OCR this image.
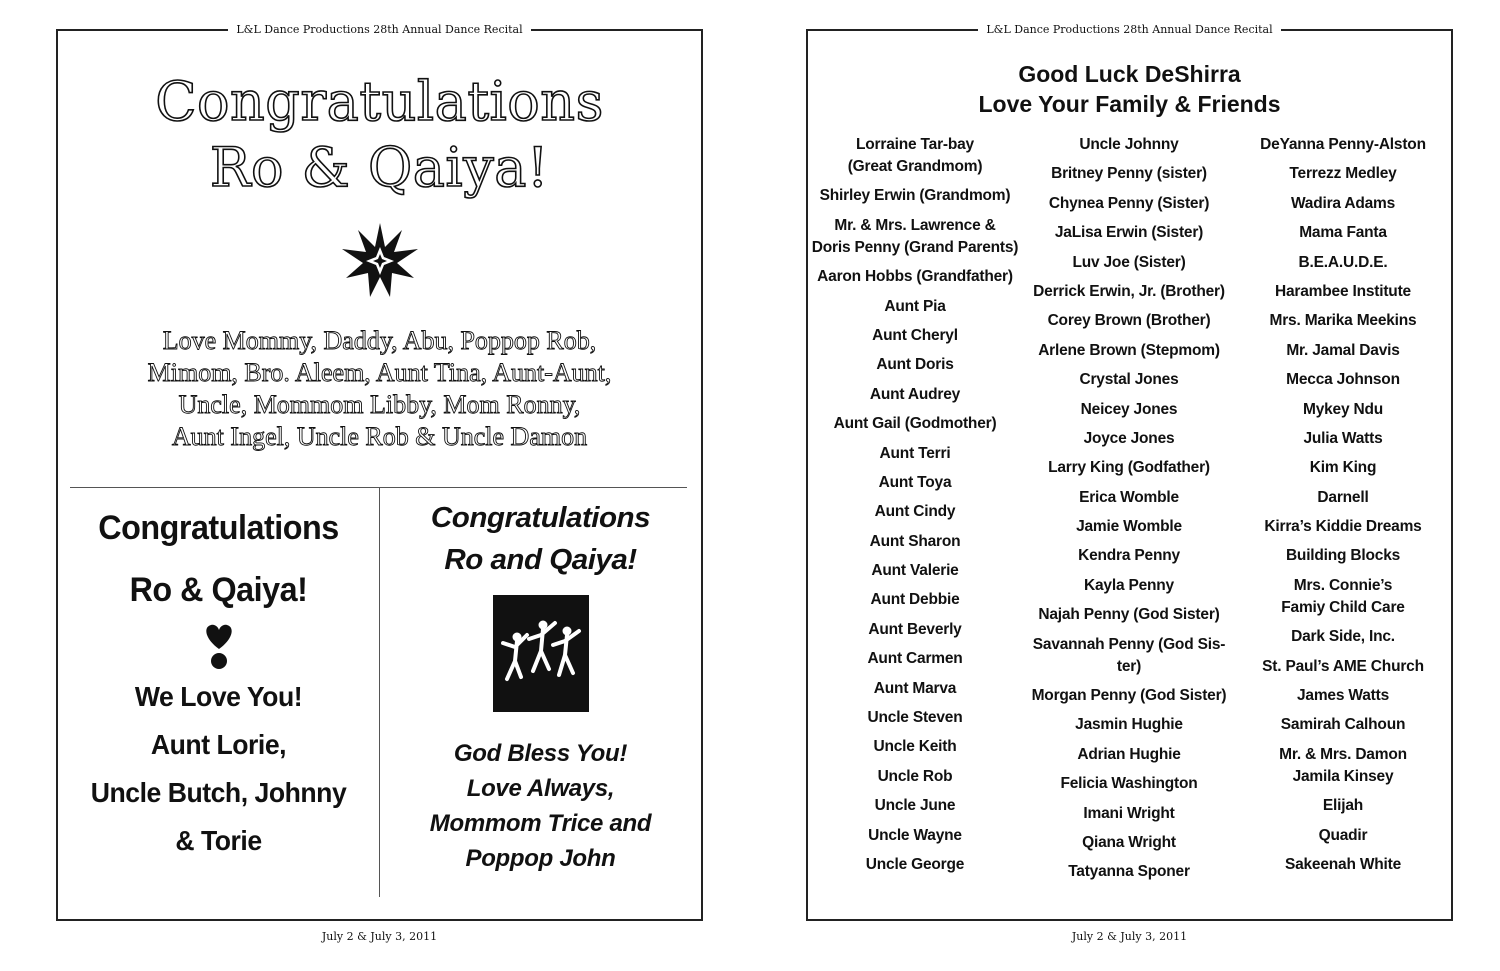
L&L Dance Productions 28th Annual Dance Recital
Congratulations
Ro & Qaiya!
Love Mommy, Daddy, Abu, Poppop Rob,
Mimom, Bro. Aleem, Aunt Tina, Aunt-Aunt,
Uncle, Mommom Libby, Mom Ronny,
Aunt Ingel, Uncle Rob & Uncle Damon
Congratulations
Ro & Qaiya!
We Love You!
Aunt Lorie,
Uncle Butch, Johnny
& Torie
Congratulations
Ro and Qaiya!
God Bless You!
Love Always,
Mommom Trice and
Poppop John
July 2 & July 3, 2011
L&L Dance Productions 28th Annual Dance Recital
Good Luck DeShirra
Love Your Family & Friends
Lorraine Tar-bay
(Great Grandmom)
Shirley Erwin (Grandmom)
Mr. & Mrs. Lawrence &
Doris Penny (Grand Parents)
Aaron Hobbs (Grandfather)
Aunt Pia
Aunt Cheryl
Aunt Doris
Aunt Audrey
Aunt Gail (Godmother)
Aunt Terri
Aunt Toya
Aunt Cindy
Aunt Sharon
Aunt Valerie
Aunt Debbie
Aunt Beverly
Aunt Carmen
Aunt Marva
Uncle Steven
Uncle Keith
Uncle Rob
Uncle June
Uncle Wayne
Uncle George
Uncle Johnny
Britney Penny (sister)
Chynea Penny (Sister)
JaLisa Erwin (Sister)
Luv Joe (Sister)
Derrick Erwin, Jr. (Brother)
Corey Brown (Brother)
Arlene Brown (Stepmom)
Crystal Jones
Neicey Jones
Joyce Jones
Larry King (Godfather)
Erica Womble
Jamie Womble
Kendra Penny
Kayla Penny
Najah Penny (God Sister)
Savannah Penny (God Sis-
ter)
Morgan Penny (God Sister)
Jasmin Hughie
Adrian Hughie
Felicia Washington
Imani Wright
Qiana Wright
Tatyanna Sponer
DeYanna Penny-Alston
Terrezz Medley
Wadira Adams
Mama Fanta
B.E.A.U.D.E.
Harambee Institute
Mrs. Marika Meekins
Mr. Jamal Davis
Mecca Johnson
Mykey Ndu
Julia Watts
Kim King
Darnell
Kirra’s Kiddie Dreams
Building Blocks
Mrs. Connie’s
Famiy Child Care
Dark Side, Inc.
St. Paul’s AME Church
James Watts
Samirah Calhoun
Mr. & Mrs. Damon
Jamila Kinsey
Elijah
Quadir
Sakeenah White
July 2 & July 3, 2011
